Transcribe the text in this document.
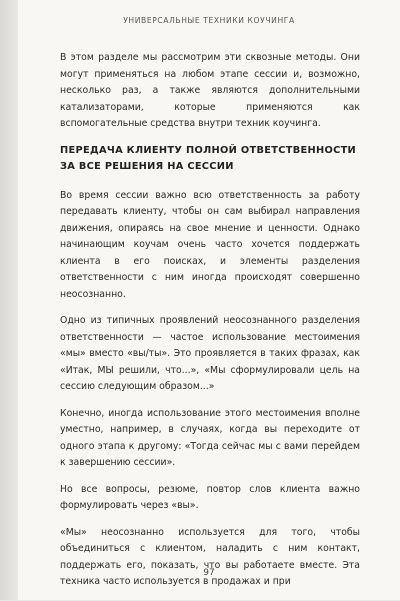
УНИВЕРСАЛЬНЫЕ ТЕХНИКИ КОУЧИНГА

В этом разделе мы рассмотрим эти сквозные методы. Они могут применяться на любом этапе сессии и, возможно, несколько раз, а также являются дополнительными катализаторами, которые применяются как вспомогательные средства внутри техник коучинга.

ПЕРЕДАЧА КЛИЕНТУ ПОЛНОЙ ОТВЕТСТВЕННОСТИ ЗА ВСЕ РЕШЕНИЯ НА СЕССИИ

Во время сессии важно всю ответственность за работу передавать клиенту, чтобы он сам выбирал направления движения, опираясь на свое мнение и ценности. Однако начинающим коучам очень часто хочется поддержать клиента в его поисках, и элементы разделения ответственности с ним иногда происходят совершенно неосознанно.

Одно из типичных проявлений неосознанного разделения ответственности — частое использование местоимения «мы» вместо «вы/ты». Это проявляется в таких фразах, как «Итак, МЫ решили, что...», «Мы сформулировали цель на сессию следующим образом...»

Конечно, иногда использование этого местоимения вполне уместно, например, в случаях, когда вы переходите от одного этапа к другому: «Тогда сейчас мы с вами перейдем к завершению сессии».

Но все вопросы, резюме, повтор слов клиента важно формулировать через «вы».

«Мы» неосознанно используется для того, чтобы объединиться с клиентом, наладить с ним контакт, поддержать его, показать, что вы работаете вместе. Эта техника часто используется в продажах и при

97
